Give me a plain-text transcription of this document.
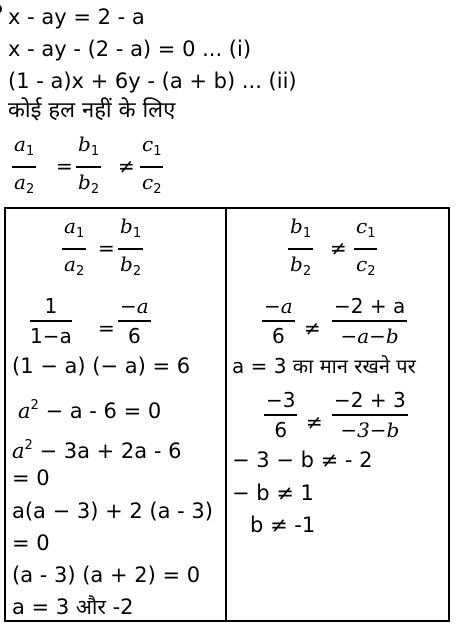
x - ay = 2 - a
x - ay - (2 - a) = 0 ... (i)
(1 - a)x + 6y - (a + b) ... (ii)
कोई हल नहीं के लिए
$a_1$
$a_2$
=
$b_1$
$b_2$
≠
$c_1$
$c_2$
$a_1$
$a_2$
=
$b_1$
$b_2$
1
1−a =
−a
6
(1 − a) (− a) = 6
$a^2 - a - 6 = 0$
$a^2 - 3a + 2a - 6$
= 0
a(a − 3) + 2 (a - 3)
= 0
(a - 3) (a + 2) = 0
a = 3 और -2
$b_1$
$b_2$
≠
$c_1$
$c_2$
−a
6 ≠
−2 + a
−a−b
a = 3 का मान रखने पर
−3
6 ≠
−2 + 3
−3−b
− 3 − b ≠ - 2
− b ≠ 1
b ≠ -1
